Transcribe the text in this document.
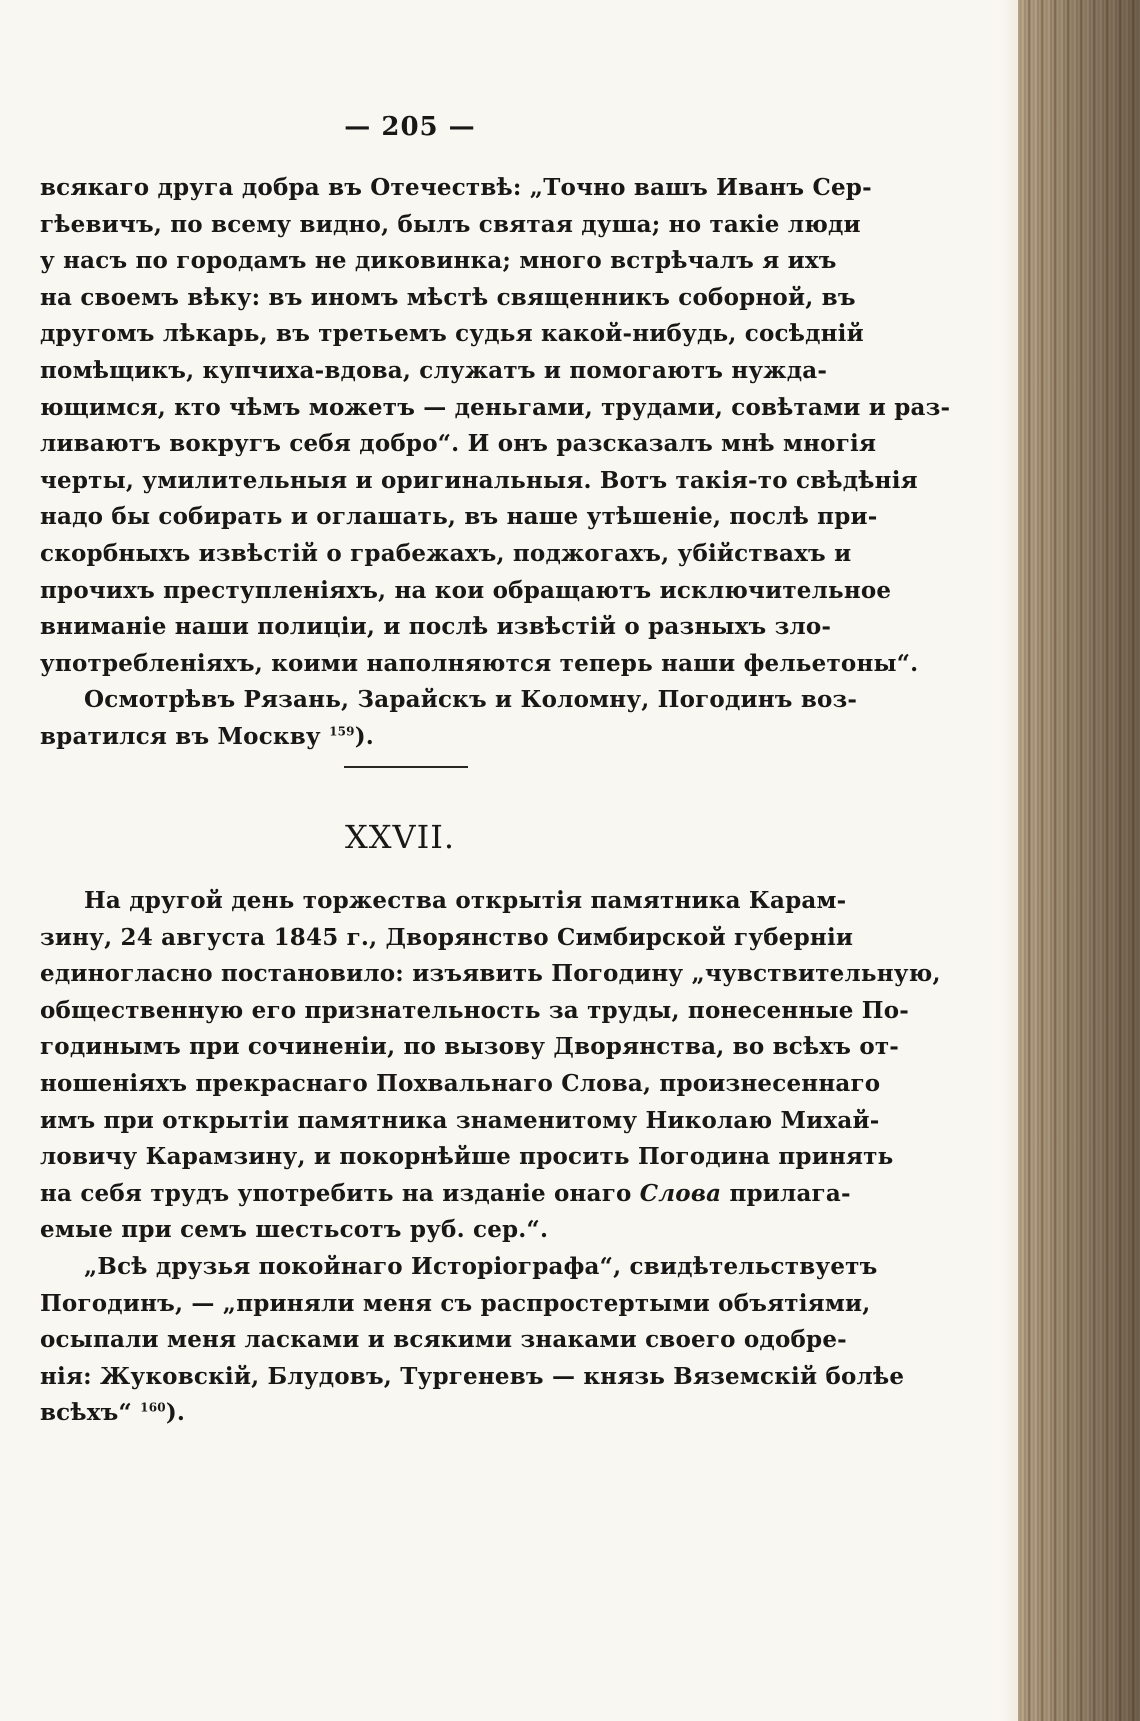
— 205 —
всякаго друга добра въ Отечествѣ: „Точно вашъ Иванъ Сер-
гѣевичъ, по всему видно, былъ святая душа; но такіе люди
у насъ по городамъ не диковинка; много встрѣчалъ я ихъ
на своемъ вѣку: въ иномъ мѣстѣ священникъ соборной, въ
другомъ лѣкарь, въ третьемъ судья какой-нибудь, сосѣдній
помѣщикъ, купчиха-вдова, служатъ и помогаютъ нужда-
ющимся, кто чѣмъ можетъ — деньгами, трудами, совѣтами и раз-
ливаютъ вокругъ себя добро“. И онъ разсказалъ мнѣ многія
черты, умилительныя и оригинальныя. Вотъ такія-то свѣдѣнія
надо бы собирать и оглашать, въ наше утѣшеніе, послѣ при-
скорбныхъ извѣстій о грабежахъ, поджогахъ, убійствахъ и
прочихъ преступленіяхъ, на кои обращаютъ исключительное
вниманіе наши полиціи, и послѣ извѣстій о разныхъ зло-
употребленіяхъ, коими наполняются теперь наши фельетоны“.
Осмотрѣвъ Рязань, Зарайскъ и Коломну, Погодинъ воз-
вратился въ Москву $^{159}$).
XXVII.
На другой день торжества открытія памятника Карам-
зину, 24 августа 1845 г., Дворянство Симбирской губерніи
единогласно постановило: изъявить Погодину „чувствительную,
общественную его признательность за труды, понесенные По-
годинымъ при сочиненіи, по вызову Дворянства, во всѣхъ от-
ношеніяхъ прекраснаго Похвальнаго Слова, произнесеннаго
имъ при открытіи памятника знаменитому Николаю Михай-
ловичу Карамзину, и покорнѣйше просить Погодина принять
на себя трудъ употребить на изданіе онаго Слова прилага-
емые при семъ шестьсотъ руб. сер.“.
„Всѣ друзья покойнаго Исторіографа“, свидѣтельствуетъ
Погодинъ, — „приняли меня съ распростертыми объятіями,
осыпали меня ласками и всякими знаками своего одобре-
нія: Жуковскій, Блудовъ, Тургеневъ — князь Вяземскій болѣе
всѣхъ“ $^{160}$).
